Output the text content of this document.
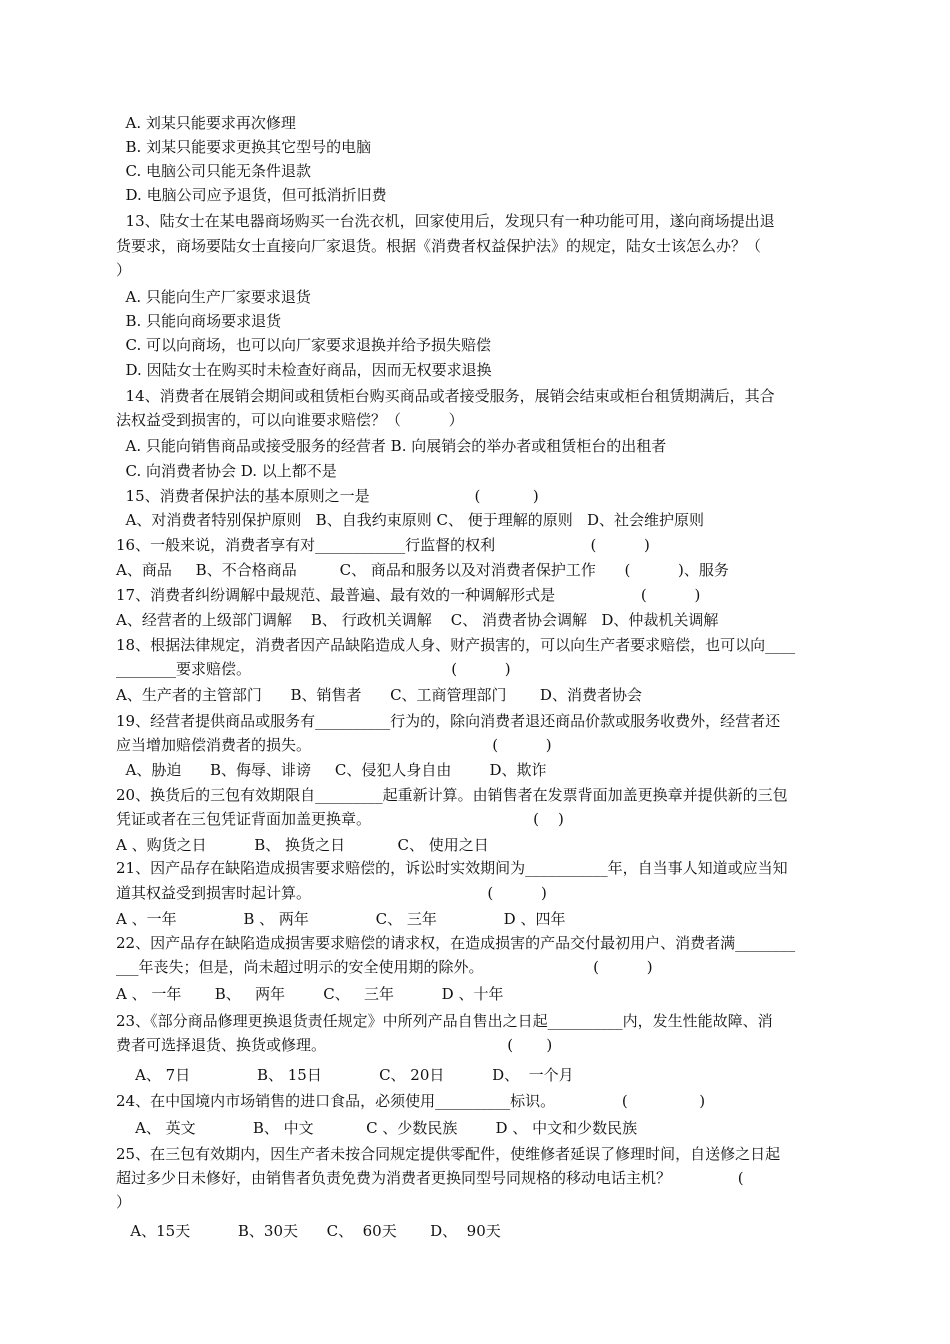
A. 刘某只能要求再次修理
B. 刘某只能要求更换其它型号的电脑
C. 电脑公司只能无条件退款
D. 电脑公司应予退货，但可抵消折旧费
13、陆女士在某电器商场购买一台洗衣机，回家使用后，发现只有一种功能可用，遂向商场提出退
货要求，商场要陆女士直接向厂家退货。根据《消费者权益保护法》的规定，陆女士该怎么办？（
）
A. 只能向生产厂家要求退货
B. 只能向商场要求退货
C. 可以向商场，也可以向厂家要求退换并给予损失赔偿
D. 因陆女士在购买时未检查好商品，因而无权要求退换
14、消费者在展销会期间或租赁柜台购买商品或者接受服务，展销会结束或柜台租赁期满后，其合
法权益受到损害的，可以向谁要求赔偿？（          ）
A. 只能向销售商品或接受服务的经营者 B. 向展销会的举办者或租赁柜台的出租者
C. 向消费者协会 D. 以上都不是
15、消费者保护法的基本原则之一是                      (           )
A、对消费者特别保护原则   B、自我约束原则 C、 便于理解的原则   D、社会维护原则
16、一般来说，消费者享有对____________行监督的权利                    (          )
A、商品     B、不合格商品         C、 商品和服务以及对消费者保护工作      (          )、服务
17、消费者纠纷调解中最规范、最普遍、最有效的一种调解形式是                  (          )
A、经营者的上级部门调解    B、 行政机关调解    C、 消费者协会调解   D、仲裁机关调解
18、根据法律规定，消费者因产品缺陷造成人身、财产损害的，可以向生产者要求赔偿，也可以向____
________要求赔偿。                                          (          )
A、生产者的主管部门      B、销售者      C、工商管理部门       D、消费者协会
19、经营者提供商品或服务有__________行为的，除向消费者退还商品价款或服务收费外，经营者还
应当增加赔偿消费者的损失。                                      (          )
A、胁迫      B、侮辱、诽谤     C、侵犯人身自由        D、欺诈
20、换货后的三包有效期限自_________起重新计算。由销售者在发票背面加盖更换章并提供新的三包
凭证或者在三包凭证背面加盖更换章。                                  (    )
A 、购货之日          B、 换货之日           C、 使用之日
21、因产品存在缺陷造成损害要求赔偿的，诉讼时实效期间为___________年，自当事人知道或应当知
道其权益受到损害时起计算。                                     (          )
A 、一年              B 、 两年              C、 三年              D 、四年
22、因产品存在缺陷造成损害要求赔偿的请求权，在造成损害的产品交付最初用户、消费者满________
___年丧失；但是，尚未超过明示的安全使用期的除外。                       (          )
A 、 一年       B、   两年        C、   三年          D 、十年
23、《部分商品修理更换退货责任规定》中所列产品自售出之日起__________内，发生性能故障、消
费者可选择退货、换货或修理。                                      (       )
A、 7日              B、 15日            C、 20日          D、  一个月
24、在中国境内市场销售的进口食品，必须使用__________标识。              (               )
A、 英文            B、 中文           C 、少数民族        D 、 中文和少数民族
25、在三包有效期内，因生产者未按合同规定提供零配件，使维修者延误了修理时间，自送修之日起
超过多少日未修好，由销售者负责免费为消费者更换同型号同规格的移动电话主机？              (
）
A、15天          B、30天      C、  60天       D、  90天
